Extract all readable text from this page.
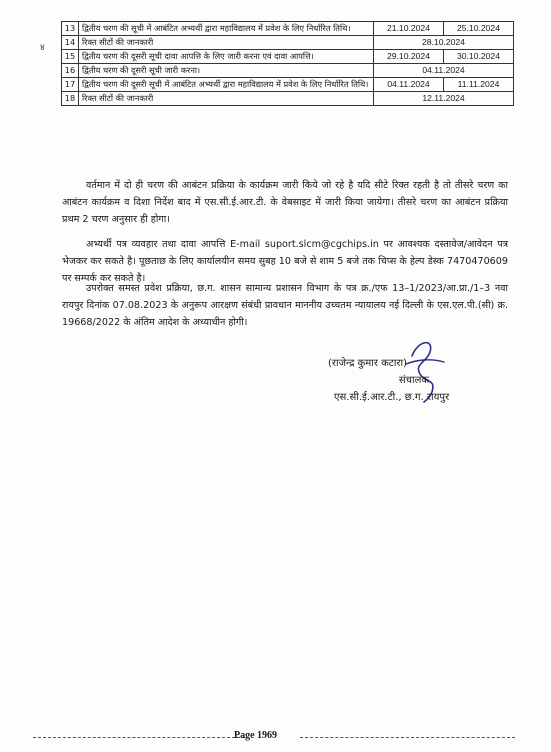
४
13	द्वितीय चरण की सूची में आबंटित अभ्यर्थी द्वारा महाविद्यालय में प्रवेश के लिए निर्धारित तिथि।	21.10.2024	25.10.2024
14	रिक्त सीटों की जानकारी	28.10.2024	
15	द्वितीय चरण की दूसरी सूची दावा आपत्ति के लिए जारी करना एवं दावा आपत्ति।	29.10.2024	30.10.2024
16	द्वितीय चरण की दूसरी सूची जारी करना।	04.11.2024	
17	द्वितीय चरण की दूसरी सूची में आबंटित अभ्यर्थी द्वारा महाविद्यालय में प्रवेश के लिए निर्धारित तिथि।	04.11.2024	11.11.2024
18	रिक्त सीटों की जानकारी	12.11.2024	

वर्तमान में दो ही चरण की आबंटन प्रक्रिया के कार्यक्रम जारी किये जो रहे है यदि सीटे रिक्त रहती है तो तीसरे चरण का आबंटन कार्यक्रम व दिशा निर्देश बाद में एस.सी.ई.आर.टी. के वेबसाइट में जारी किया जायेगा। तीसरे चरण का आबंटन प्रक्रिया प्रथम 2 चरण अनुसार ही होगा।

अभ्यर्थी पत्र व्यवहार तथा दावा आपत्ति E-mail suport.slcm@cgchips.in पर आवश्यक दस्तावेज/आवेदन पत्र भेजकर कर सकते है। पूछताछ के लिए कार्यालयीन समय सुबह 10 बजे से शाम 5 बजे तक चिप्स के हेल्प डेस्क 7470470609 पर सम्पर्क कर सकते है।

उपरोक्त समस्त प्रवेश प्रक्रिया, छ.ग. शासन सामान्य प्रशासन विभाग के पत्र क्र./एफ 13–1/2023/आ.प्रा./1–3 नवा रायपुर दिनांक 07.08.2023 के अनुरूप आरक्षण संबंधी प्रावधान माननीय उच्चतम न्यायालय नई दिल्ली के एस.एल.पी.(सी) क्र. 19668/2022 के अंतिम आदेश के अध्याधीन होगी।

(राजेन्द्र कुमार कटारा)
संचालक
एस.सी.ई.आर.टी., छ.ग. रायपुर
Page 1969
